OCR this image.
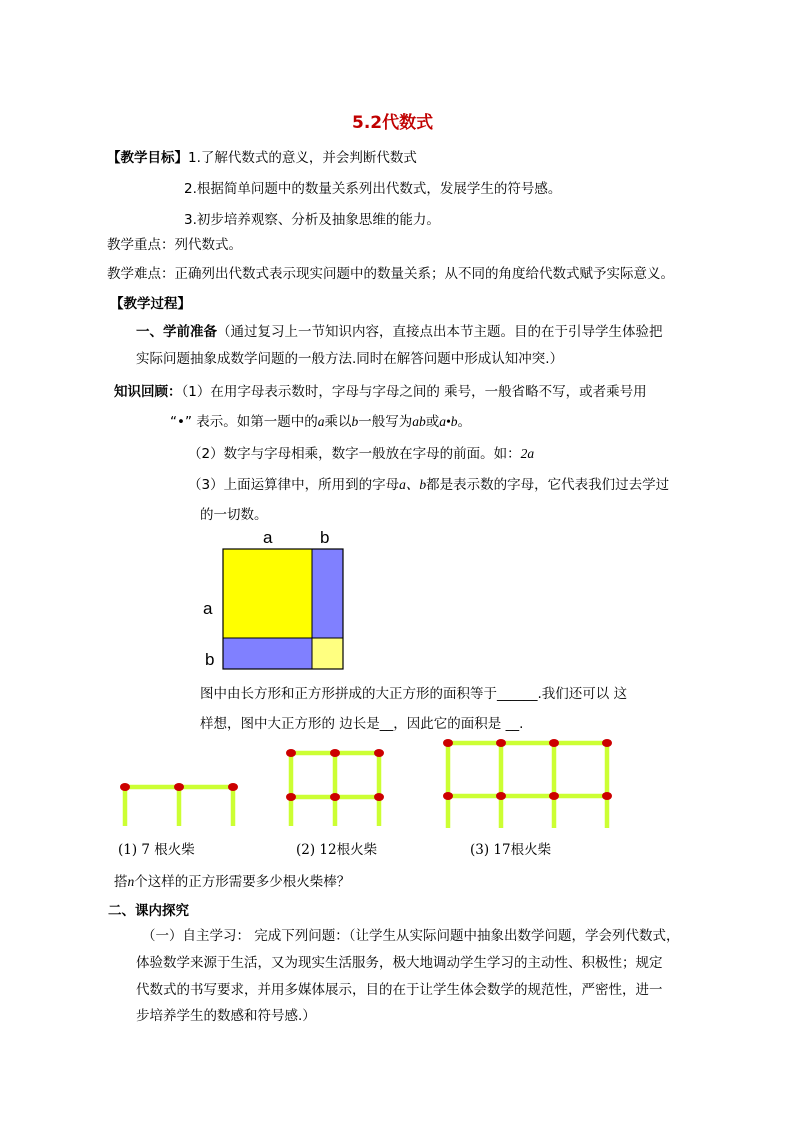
5.2代数式
【教学目标】1.了解代数式的意义，并会判断代数式
2.根据简单问题中的数量关系列出代数式，发展学生的符号感。
3.初步培养观察、分析及抽象思维的能力。
教学重点：列代数式。
教学难点：正确列出代数式表示现实问题中的数量关系；从不同的角度给代数式赋予实际意义。
【教学过程】
一、学前准备（通过复习上一节知识内容，直接点出本节主题。目的在于引导学生体验把
实际问题抽象成数学问题的一般方法.同时在解答问题中形成认知冲突.）
知识回顾：（1）在用字母表示数时，字母与字母之间的 乘号，一般省略不写，或者乘号用
“•” 表示。如第一题中的a乘以b一般写为ab或a•b。
（2）数字与字母相乘，数字一般放在字母的前面。如：2a
（3）上面运算律中，所用到的字母a、b都是表示数的字母，它代表我们过去学过
的一切数。
a	b
a
b
图中由长方形和正方形拼成的大正方形的面积等于______.我们还可以 这
样想，图中大正方形的 边长是__，因此它的面积是 __.
(1) 7 根火柴	(2) 12根火柴	(3) 17根火柴
搭n个这样的正方形需要多少根火柴棒？
二、课内探究
（一）自主学习： 完成下列问题：（让学生从实际问题中抽象出数学问题，学会列代数式，
体验数学来源于生活，又为现实生活服务，极大地调动学生学习的主动性、积极性；规定
代数式的书写要求，并用多媒体展示，目的在于让学生体会数学的规范性，严密性，进一
步培养学生的数感和符号感.）
